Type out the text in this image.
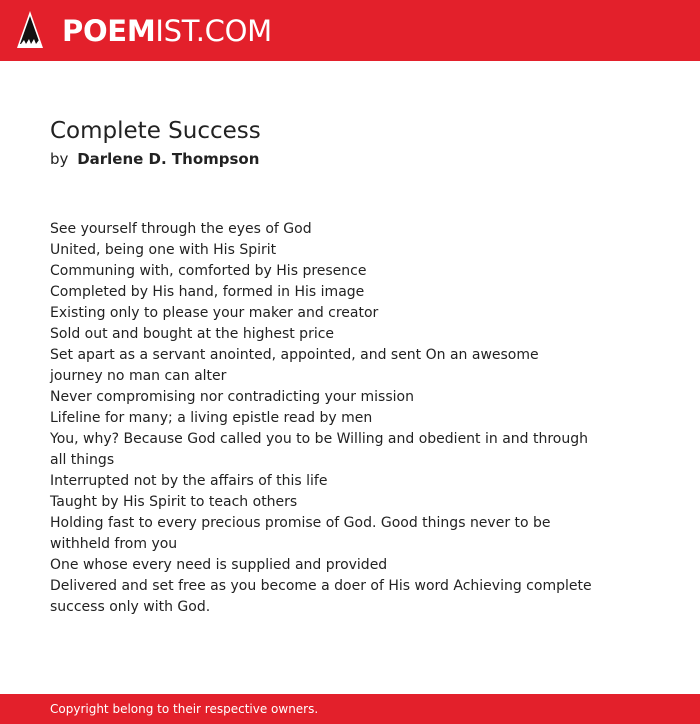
POEMIST.COM
Complete Success
by Darlene D. Thompson
See yourself through the eyes of God
United, being one with His Spirit
Communing with, comforted by His presence
Completed by His hand, formed in His image
Existing only to please your maker and creator
Sold out and bought at the highest price
Set apart as a servant anointed, appointed, and sent On an awesome journey no man can alter
Never compromising nor contradicting your mission
Lifeline for many; a living epistle read by men
You, why? Because God called you to be Willing and obedient in and through all things
Interrupted not by the affairs of this life
Taught by His Spirit to teach others
Holding fast to every precious promise of God. Good things never to be withheld from you
One whose every need is supplied and provided
Delivered and set free as you become a doer of His word Achieving complete success only with God.
Copyright belong to their respective owners.
